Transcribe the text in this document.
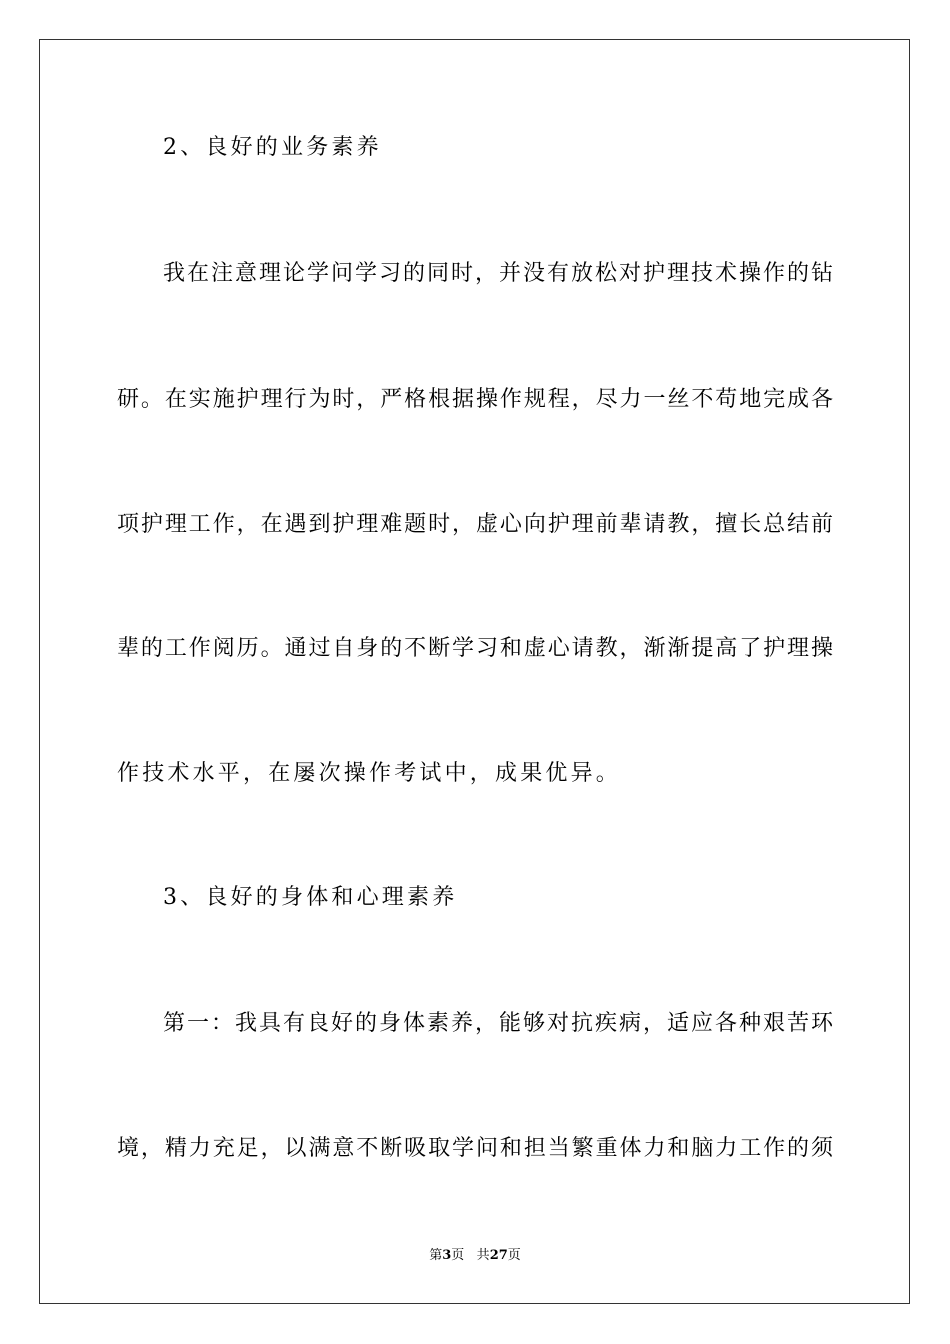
2、良好的业务素养
我在注意理论学问学习的同时，并没有放松对护理技术操作的钻
研。在实施护理行为时，严格根据操作规程，尽力一丝不苟地完成各
项护理工作，在遇到护理难题时，虚心向护理前辈请教，擅长总结前
辈的工作阅历。通过自身的不断学习和虚心请教，渐渐提高了护理操
作技术水平，在屡次操作考试中，成果优异。
3、良好的身体和心理素养
第一：我具有良好的身体素养，能够对抗疾病，适应各种艰苦环
境，精力充足，以满意不断吸取学问和担当繁重体力和脑力工作的须
第3页 共27页
